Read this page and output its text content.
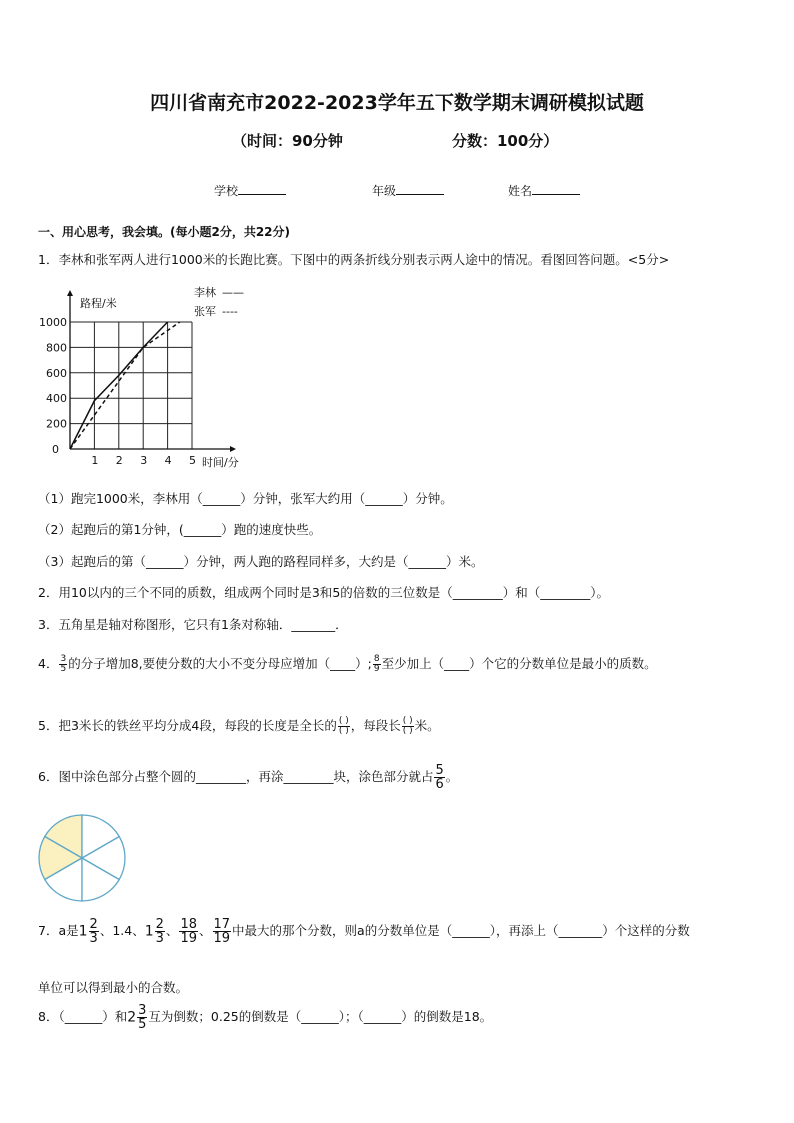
四川省南充市2022-2023学年五下数学期末调研模拟试题
（时间：90分钟	分数：100分）
学校	年级	姓名
一、用心思考，我会填。(每小题2分，共22分)
1．李林和张军两人进行1000米的长跑比赛。下图中的两条折线分别表示两人途中的情况。看图回答问题。<5分>
1 2 3 4 5
0
200
400
600
800
1000
路程/米
时间/分
李林 ——
张军 ----
（1）跑完1000米，李林用（______）分钟，张军大约用（______）分钟。
（2）起跑后的第1分钟，(______）跑的速度快些。
（3）起跑后的第（______）分钟，两人跑的路程同样多，大约是（______）米。
2．用10以内的三个不同的质数，组成两个同时是3和5的倍数的三位数是（________）和（________）。
3．五角星是轴对称图形，它只有1条对称轴．_______．
4． $\frac{3}{5}$ 的分子增加8,要使分数的大小不变分母应增加（____）; $\frac{8}{9}$ 至少加上（____）个它的分数单位是最小的质数。
5．把3米长的铁丝平均分成4段，每段的长度是全长的 $\frac{( )}{( )}$ ，每段长 $\frac{( )}{( )}$ 米。
6．图中涂色部分占整个圆的________，再涂________块，涂色部分就占 $\frac{5}{6}$ 。
7．a是$1 \frac{2}{3}$ 、1.4、$1 \frac{2}{3}$ 、 $\frac{18}{19}$ 、 $\frac{17}{19}$ 中最大的那个分数，则a的分数单位是（______），再添上（_______）个这样的分数
单位可以得到最小的合数。
8．（______）和$2 \frac{3}{5}$ 互为倒数；0.25的倒数是（______）；（______）的倒数是18。
